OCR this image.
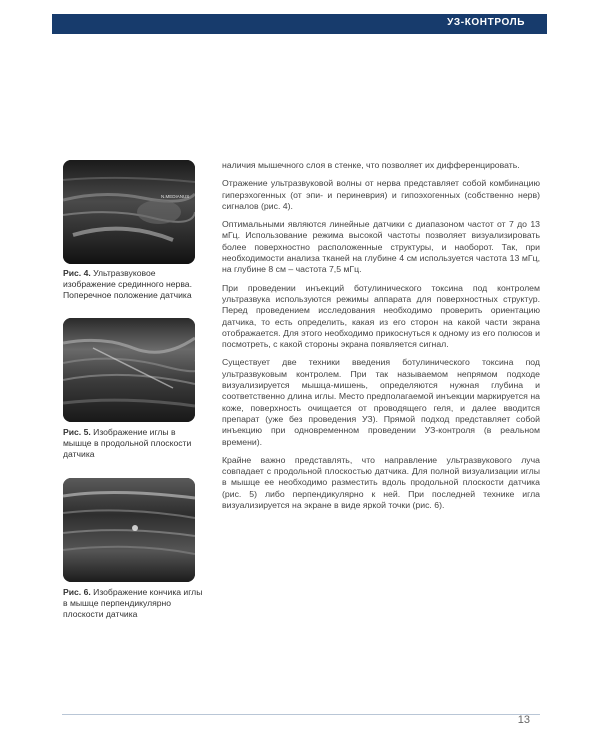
УЗ-КОНТРОЛЬ
N.MEDIANUS
Рис. 4. Ультразвуковое изображение срединного нерва. Поперечное положение датчика
Рис. 5. Изображение иглы в мышце в продольной плоскости датчика
Рис. 6. Изображение кончика иглы в мышце перпендикулярно плоскости датчика

наличия мышечного слоя в стенке, что позволяет их дифференцировать.

Отражение ультразвуковой волны от нерва представляет собой комбинацию гиперэхогенных (от эпи- и периневрия) и гипоэхогенных (собственно нерв) сигналов (рис. 4).

Оптимальными являются линейные датчики с диапазоном частот от 7 до 13 мГц. Использование режима высокой частоты позволяет визуализировать более поверхностно расположенные структуры, и наоборот. Так, при необходимости анализа тканей на глубине 4 см используется частота 13 мГц, на глубине 8 см – частота 7,5 мГц.

При проведении инъекций ботулинического токсина под контролем ультразвука используются режимы аппарата для поверхностных структур. Перед проведением исследования необходимо проверить ориентацию датчика, то есть определить, какая из его сторон на какой части экрана отображается. Для этого необходимо прикоснуться к одному из его полюсов и посмотреть, с какой стороны экрана появляется сигнал.

Существует две техники введения ботулинического токсина под ультразвуковым контролем. При так называемом непрямом подходе визуализируется мышца-мишень, определяются нужная глубина и соответственно длина иглы. Место предполагаемой инъекции маркируется на коже, поверхность очищается от проводящего геля, и далее вводится препарат (уже без проведения УЗ). Прямой подход представляет собой инъекцию при одновременном проведении УЗ-контроля (в реальном времени).

Крайне важно представлять, что направление ультразвукового луча совпадает с продольной плоскостью датчика. Для полной визуализации иглы в мышце ее необходимо разместить вдоль продольной плоскости датчика (рис. 5) либо перпендикулярно к ней. При последней технике игла визуализируется на экране в виде яркой точки (рис. 6).

13
